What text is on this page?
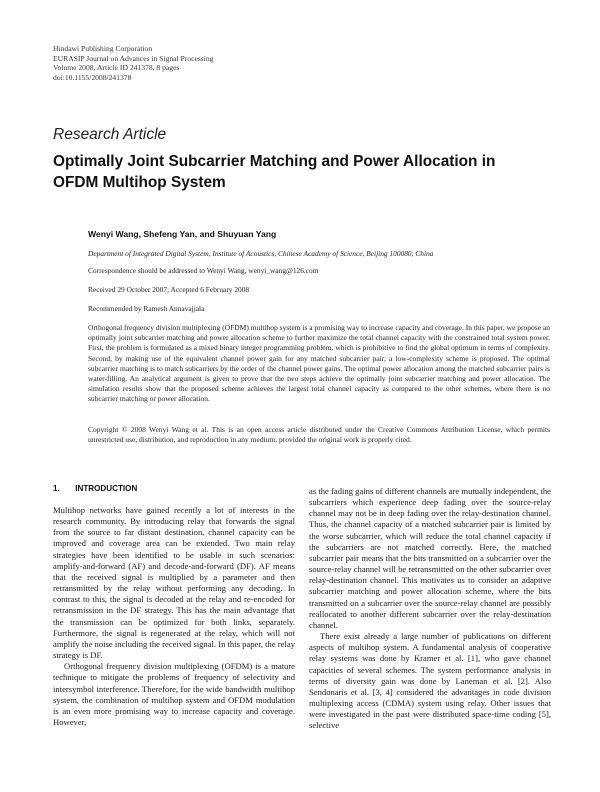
Hindawi Publishing Corporation
EURASIP Journal on Advances in Signal Processing
Volume 2008, Article ID 241378, 8 pages
doi:10.1155/2008/241378
Research Article
Optimally Joint Subcarrier Matching and Power Allocation in
OFDM Multihop System
Wenyi Wang, Shefeng Yan, and Shuyuan Yang
Department of Integrated Digital System, Institute of Acoustics, Chinese Academy of Science, Beijing 100080, China
Correspondence should be addressed to Wenyi Wang, wenyi_wang@126.com
Received 29 October 2007; Accepted 6 February 2008
Recommended by Ramesh Annavajjala
Orthogonal frequency division multiplexing (OFDM) multihop system is a promising way to increase capacity and coverage. In this paper, we propose an optimally joint subcarrier matching and power allocation scheme to further maximize the total channel capacity with the constrained total system power. First, the problem is formulated as a mixed binary integer programming problem, which is prohibitive to find the global optimum in terms of complexity. Second, by making use of the equivalent channel power gain for any matched subcarrier pair, a low-complexity scheme is proposed. The optimal subcarrier matching is to match subcarriers by the order of the channel power gains. The optimal power allocation among the matched subcarrier pairs is water-filling. An analytical argument is given to prove that the two steps achieve the optimally joint subcarrier matching and power allocation. The simulation results show that the proposed scheme achieves the largest total channel capacity as compared to the other schemes, where there is no subcarrier matching or power allocation.
Copyright © 2008 Wenyi Wang et al. This is an open access article distributed under the Creative Commons Attribution License, which permits unrestricted use, distribution, and reproduction in any medium, provided the original work is properly cited.
1. INTRODUCTION

Multihop networks have gained recently a lot of interests in the research community. By introducing relay that forwards the signal from the source to far distant destination, channel capacity can be improved and coverage area can be extended. Two main relay strategies have been identified to be usable in such scenarios: amplify-and-forward (AF) and decode-and-forward (DF). AF means that the received signal is multiplied by a parameter and then retransmitted by the relay without performing any decoding. In contrast to this, the signal is decoded at the relay and re-encoded for retransmission in the DF strategy. This has the main advantage that the transmission can be optimized for both links, separately. Furthermore, the signal is regenerated at the relay, which will not amplify the noise including the received signal. In this paper, the relay strategy is DF.

Orthogonal frequency division multiplexing (OFDM) is a mature technique to mitigate the problems of frequency of selectivity and intersymbol interference. Therefore, for the wide bandwidth multihop system, the combination of multihop system and OFDM modulation is an even more promising way to increase capacity and coverage. However,

as the fading gains of different channels are mutually independent, the subcarriers which experience deep fading over the source-relay channel may not be in deep fading over the relay-destination channel. Thus, the channel capacity of a matched subcarrier pair is limited by the worse subcarrier, which will reduce the total channel capacity if the subcarriers are not matched correctly. Here, the matched subcarrier pair means that the bits transmitted on a subcarrier over the source-relay channel will be retransmitted on the other subcarrier over relay-destination channel. This motivates us to consider an adaptive subcarrier matching and power allocation scheme, where the bits transmitted on a subcarrier over the source-relay channel are possibly reallocated to another different subcarrier over the relay-destination channel.

There exist already a large number of publications on different aspects of multihop system. A fundamental analysis of cooperative relay systems was done by Kramer et al. [1], who gave channel capacities of several schemes. The system performance analysis in terms of diversity gain was done by Laneman et al. [2]. Also Sendonaris et al. [3, 4] considered the advantages in code division multiplexing access (CDMA) system using relay. Other issues that were investigated in the past were distributed space-time coding [5], selective
